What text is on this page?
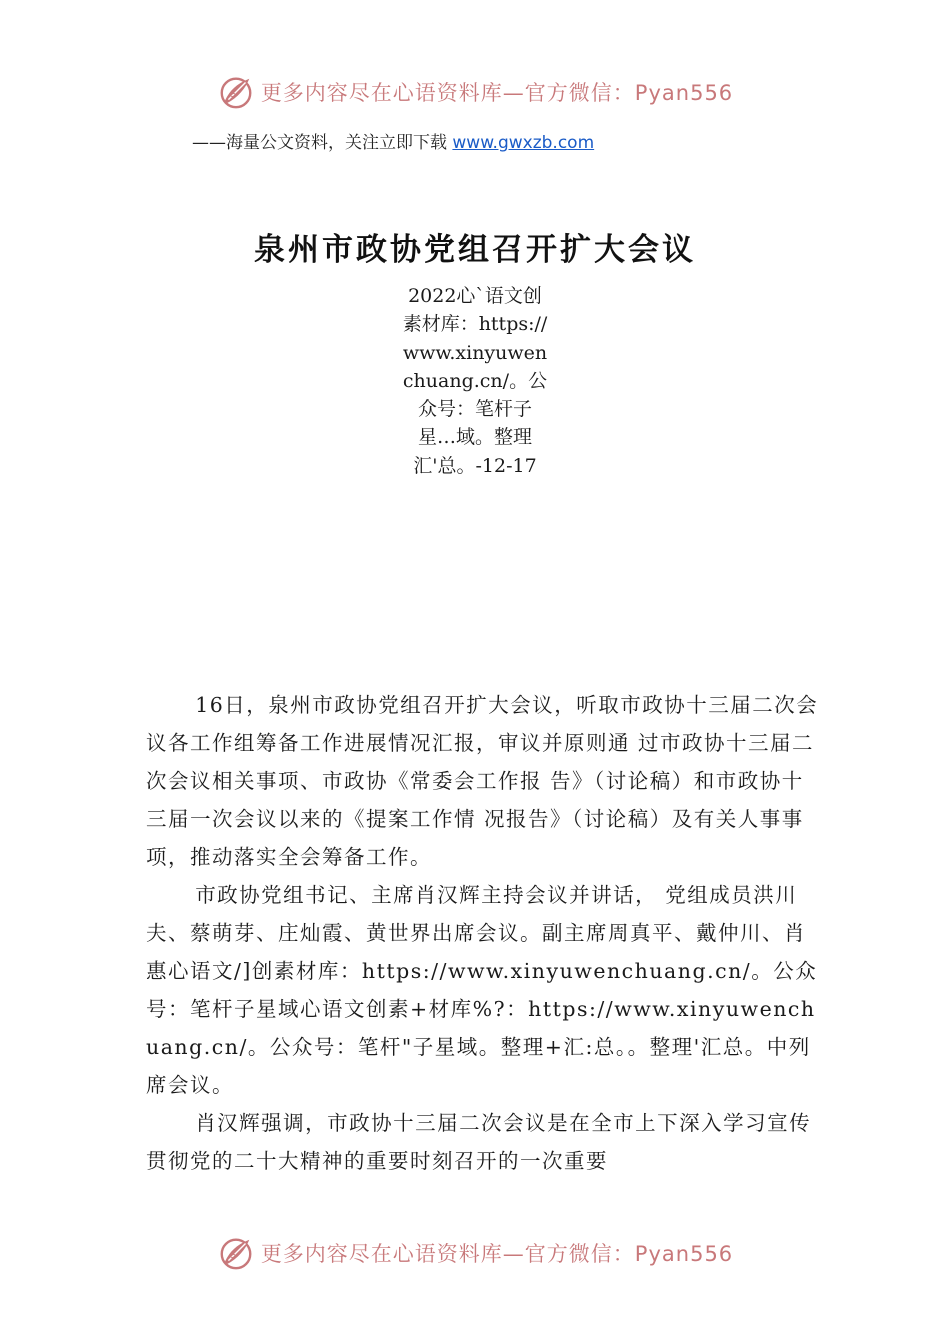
S 更多内容尽在心语资料库—官方微信：Pyan556
——海量公文资料，关注立即下载 www.gwxzb.com
泉州市政协党组召开扩大会议
2022心`语文创素材库：https://www.xinyuwenchuang.cn/。公众号：笔杆子星…域。整理汇'总。-12-17

16日，泉州市政协党组召开扩大会议，听取市政协十三届二次会议各工作组筹备工作进展情况汇报，审议并原则通 过市政协十三届二次会议相关事项、市政协《常委会工作报 告》（讨论稿）和市政协十三届一次会议以来的《提案工作情 况报告》（讨论稿）及有关人事事项，推动落实全会筹备工作。

市政协党组书记、主席肖汉辉主持会议并讲话， 党组成员洪川夫、蔡萌芽、庄灿霞、黄世界出席会议。副主席周真平、戴仲川、肖惠心语文/]创素材库：https://www.xinyuwenchuang.cn/。公众号：笔杆子星域心语文创素+材库%?：https://www.xinyuwenchuang.cn/。公众号：笔杆"子星域。整理+汇:总。。整理'汇总。中列席会议。

肖汉辉强调，市政协十三届二次会议是在全市上下深入学习宣传贯彻党的二十大精神的重要时刻召开的一次重要

S 更多内容尽在心语资料库—官方微信：Pyan556
